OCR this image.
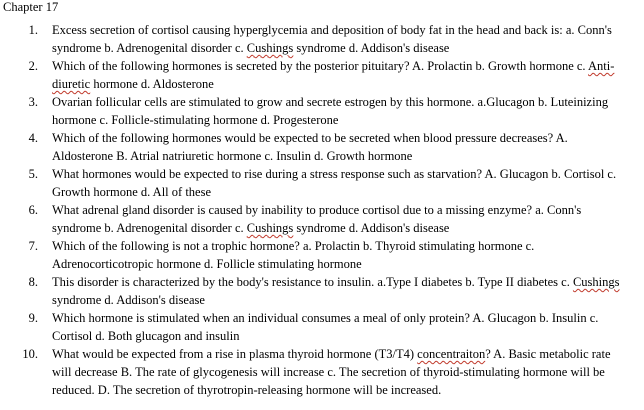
Chapter 17
1. Excess secretion of cortisol causing hyperglycemia and deposition of body fat in the head and back is: a. Conn's syndrome b. Adrenogenital disorder c. Cushings syndrome d. Addison's disease
2. Which of the following hormones is secreted by the posterior pituitary? A. Prolactin b. Growth hormone c. Anti-diuretic hormone d. Aldosterone
3. Ovarian follicular cells are stimulated to grow and secrete estrogen by this hormone. a.Glucagon b. Luteinizing hormone c. Follicle-stimulating hormone d. Progesterone
4. Which of the following hormones would be expected to be secreted when blood pressure decreases? A. Aldosterone B. Atrial natriuretic hormone c. Insulin d. Growth hormone
5. What hormones would be expected to rise during a stress response such as starvation? A. Glucagon b. Cortisol c. Growth hormone d. All of these
6. What adrenal gland disorder is caused by inability to produce cortisol due to a missing enzyme? a. Conn's syndrome b. Adrenogenital disorder c. Cushings syndrome d. Addison's disease
7. Which of the following is not a trophic hormone? a. Prolactin b. Thyroid stimulating hormone c. Adrenocorticotropic hormone d. Follicle stimulating hormone
8. This disorder is characterized by the body's resistance to insulin. a.Type I diabetes b. Type II diabetes c. Cushings syndrome d. Addison's disease
9. Which hormone is stimulated when an individual consumes a meal of only protein? A. Glucagon b. Insulin c. Cortisol d. Both glucagon and insulin
10. What would be expected from a rise in plasma thyroid hormone (T3/T4) concentraiton? A. Basic metabolic rate will decrease B. The rate of glycogenesis will increase c. The secretion of thyroid-stimulating hormone will be reduced. D. The secretion of thyrotropin-releasing hormone will be increased.
